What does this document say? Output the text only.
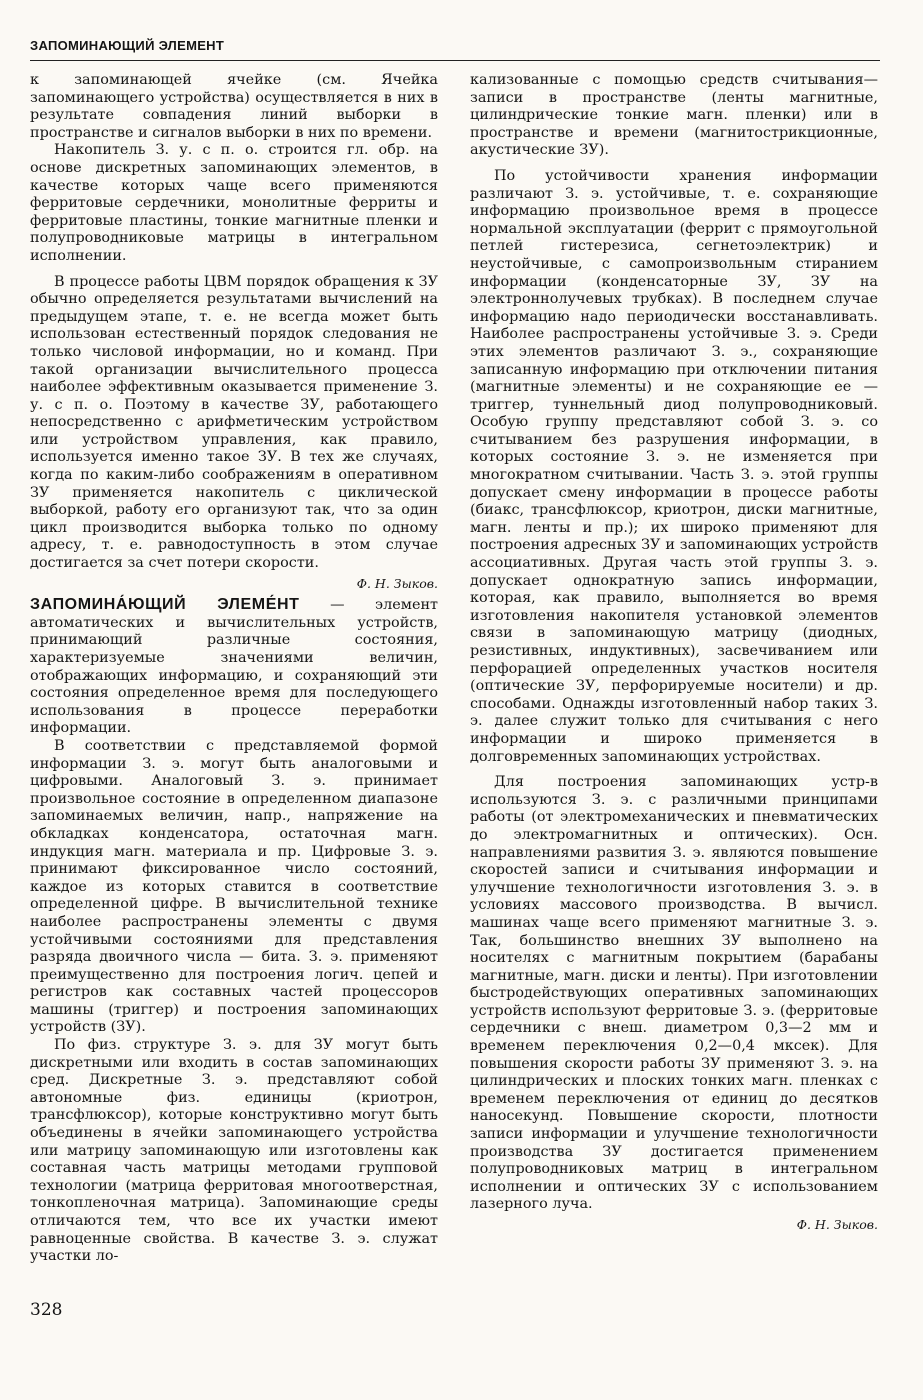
ЗАПОМИНАЮЩИЙ ЭЛЕМЕНТ

к запоминающей ячейке (см. Ячейка запоминающего устройства) осуществляется в них в результате совпадения линий выборки в пространстве и сигналов выборки в них по времени.

Накопитель З. у. с п. о. строится гл. обр. на основе дискретных запоминающих элементов, в качестве которых чаще всего применяются ферритовые сердечники, монолитные ферриты и ферритовые пластины, тонкие магнитные пленки и полупроводниковые матрицы в интегральном исполнении.

В процессе работы ЦВМ порядок обращения к ЗУ обычно определяется результатами вычислений на предыдущем этапе, т. е. не всегда может быть использован естественный порядок следования не только числовой информации, но и команд. При такой организации вычислительного процесса наиболее эффективным оказывается применение З. у. с п. о. Поэтому в качестве ЗУ, работающего непосредственно с арифметическим устройством или устройством управления, как правило, используется именно такое ЗУ. В тех же случаях, когда по каким-либо соображениям в оперативном ЗУ применяется накопитель с циклической выборкой, работу его организуют так, что за один цикл производится выборка только по одному адресу, т. е. равнодоступность в этом случае достигается за счет потери скорости.

Ф. Н. Зыков.

ЗАПОМИНА́ЮЩИЙ ЭЛЕМЕ́НТ — элемент автоматических и вычислительных устройств, принимающий различные состояния, характеризуемые значениями величин, отображающих информацию, и сохраняющий эти состояния определенное время для последующего использования в процессе переработки информации.

В соответствии с представляемой формой информации З. э. могут быть аналоговыми и цифровыми. Аналоговый З. э. принимает произвольное состояние в определенном диапазоне запоминаемых величин, напр., напряжение на обкладках конденсатора, остаточная магн. индукция магн. материала и пр. Цифровые З. э. принимают фиксированное число состояний, каждое из которых ставится в соответствие определенной цифре. В вычислительной технике наиболее распространены элементы с двумя устойчивыми состояниями для представления разряда двоичного числа — бита. З. э. применяют преимущественно для построения логич. цепей и регистров как составных частей процессоров машины (триггер) и построения запоминающих устройств (ЗУ).

По физ. структуре З. э. для ЗУ могут быть дискретными или входить в состав запоминающих сред. Дискретные З. э. представляют собой автономные физ. единицы (криотрон, трансфлюксор), которые конструктивно могут быть объединены в ячейки запоминающего устройства или матрицу запоминающую или изготовлены как составная часть матрицы методами групповой технологии (матрица ферритовая многоотверстная, тонкопленочная матрица). Запоминающие среды отличаются тем, что все их участки имеют равноценные свойства. В качестве З. э. служат участки ло-

кализованные с помощью средств считывания— записи в пространстве (ленты магнитные, цилиндрические тонкие магн. пленки) или в пространстве и времени (магнитострикционные, акустические ЗУ).

По устойчивости хранения информации различают З. э. устойчивые, т. е. сохраняющие информацию произвольное время в процессе нормальной эксплуатации (феррит с прямоугольной петлей гистерезиса, сегнетоэлектрик) и неустойчивые, с самопроизвольным стиранием информации (конденсаторные ЗУ, ЗУ на электроннолучевых трубках). В последнем случае информацию надо периодически восстанавливать. Наиболее распространены устойчивые З. э. Среди этих элементов различают З. э., сохраняющие записанную информацию при отключении питания (магнитные элементы) и не сохраняющие ее — триггер, туннельный диод полупроводниковый. Особую группу представляют собой З. э. со считыванием без разрушения информации, в которых состояние З. э. не изменяется при многократном считывании. Часть З. э. этой группы допускает смену информации в процессе работы (биакс, трансфлюксор, криотрон, диски магнитные, магн. ленты и пр.); их широко применяют для построения адресных ЗУ и запоминающих устройств ассоциативных. Другая часть этой группы З. э. допускает однократную запись информации, которая, как правило, выполняется во время изготовления накопителя установкой элементов связи в запоминающую матрицу (диодных, резистивных, индуктивных), засвечиванием или перфорацией определенных участков носителя (оптические ЗУ, перфорируемые носители) и др. способами. Однажды изготовленный набор таких З. э. далее служит только для считывания с него информации и широко применяется в долговременных запоминающих устройствах.

Для построения запоминающих устр-в используются З. э. с различными принципами работы (от электромеханических и пневматических до электромагнитных и оптических). Осн. направлениями развития З. э. являются повышение скоростей записи и считывания информации и улучшение технологичности изготовления З. э. в условиях массового производства. В вычисл. машинах чаще всего применяют магнитные З. э. Так, большинство внешних ЗУ выполнено на носителях с магнитным покрытием (барабаны магнитные, магн. диски и ленты). При изготовлении быстродействующих оперативных запоминающих устройств используют ферритовые З. э. (ферритовые сердечники с внеш. диаметром 0,3—2 мм и временем переключения 0,2—0,4 мксек). Для повышения скорости работы ЗУ применяют З. э. на цилиндрических и плоских тонких магн. пленках с временем переключения от единиц до десятков наносекунд. Повышение скорости, плотности записи информации и улучшение технологичности производства ЗУ достигается применением полупроводниковых матриц в интегральном исполнении и оптических ЗУ с использованием лазерного луча.

Ф. Н. Зыков.
328
